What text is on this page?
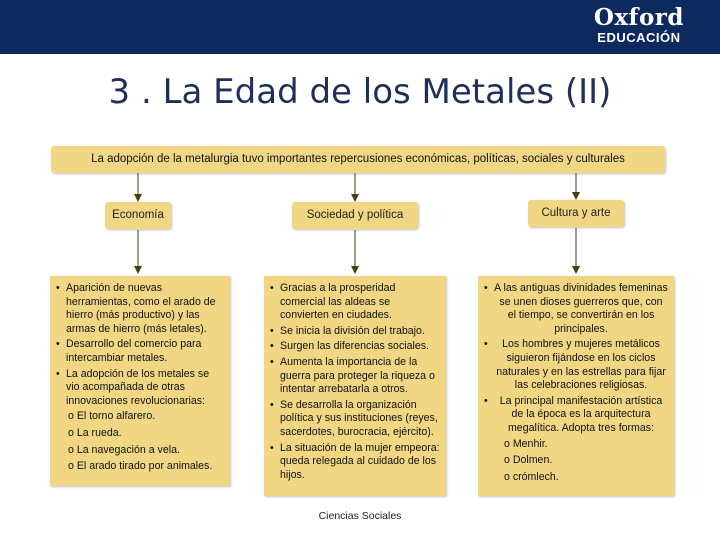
Oxford
EDUCACIÓN
3 . La Edad de los Metales (II)
La adopción de la metalurgia tuvo importantes repercusiones económicas, políticas, sociales y culturales
Economía	Sociedad y política	Cultura y arte
• Aparición de nuevas herramientas, como el arado de hierro (más productivo) y las armas de hierro (más letales).
• Desarrollo del comercio para intercambiar metales.
• La adopción de los metales se vio acompañada de otras innovaciones revolucionarias:
o El torno alfarero.
o La rueda.
o La navegación a vela.
o El arado tirado por animales.
• Gracias a la prosperidad comercial las aldeas se convierten en ciudades.
• Se inicia la división del trabajo.
• Surgen las diferencias sociales.
• Aumenta la importancia de la guerra para proteger la riqueza o intentar arrebatarla a otros.
• Se desarrolla la organización política y sus instituciones (reyes, sacerdotes, burocracia, ejército).
• La situación de la mujer empeora: queda relegada al cuidado de los hijos.
• A las antiguas divinidades femeninas se unen dioses guerreros que, con el tiempo, se convertirán en los principales.
• Los hombres y mujeres metálicos siguieron fijándose en los ciclos naturales y en las estrellas para fijar las celebraciones religiosas.
• La principal manifestación artística de la época es la arquitectura megalítica. Adopta tres formas:
o Menhir.
o Dolmen.
o crómlech.
Ciencias Sociales
